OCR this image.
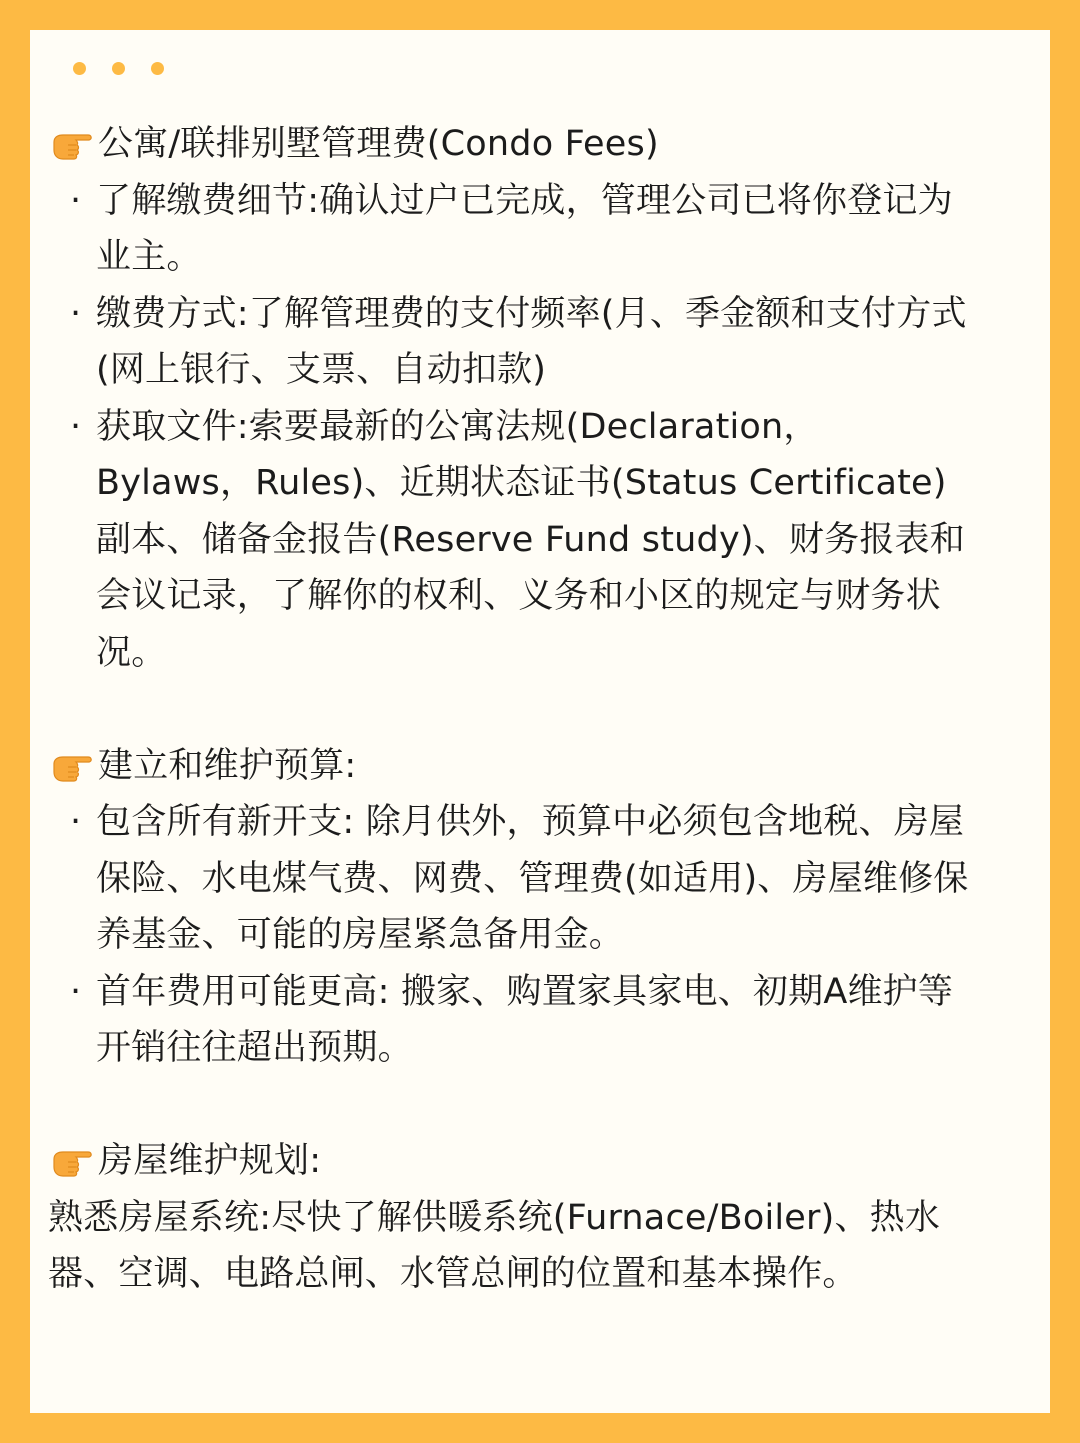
公寓/联排别墅管理费(Condo Fees)
· 了解缴费细节:确认过户已完成，管理公司已将你登记为业主。
· 缴费方式:了解管理费的支付频率(月、季金额和支付方式(网上银行、支票、自动扣款)
· 获取文件:索要最新的公寓法规(Declaration，Bylaws，Rules)、近期状态证书(Status Certificate)副本、储备金报告(Reserve Fund study)、财务报表和会议记录，了解你的权利、义务和小区的规定与财务状况。
建立和维护预算:
· 包含所有新开支: 除月供外，预算中必须包含地税、房屋保险、水电煤气费、网费、管理费(如适用)、房屋维修保养基金、可能的房屋紧急备用金。
· 首年费用可能更高: 搬家、购置家具家电、初期A维护等开销往往超出预期。
房屋维护规划:
熟悉房屋系统:尽快了解供暖系统(Furnace/Boiler)、热水器、空调、电路总闸、水管总闸的位置和基本操作。
